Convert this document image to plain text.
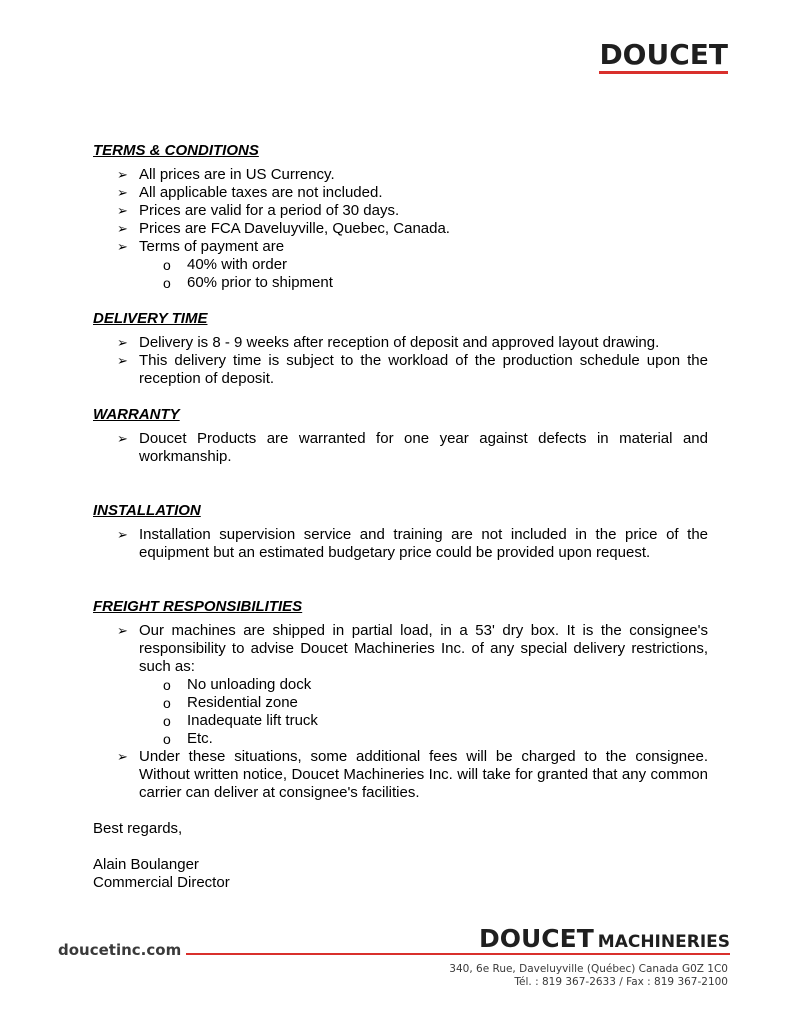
DOUCET
TERMS & CONDITIONS
➢ All prices are in US Currency.
➢ All applicable taxes are not included.
➢ Prices are valid for a period of 30 days.
➢ Prices are FCA Daveluyville, Quebec, Canada.
➢ Terms of payment are
o 40% with order
o 60% prior to shipment
DELIVERY TIME
➢ Delivery is 8 - 9 weeks after reception of deposit and approved layout drawing.
➢ This delivery time is subject to the workload of the production schedule upon the reception of deposit.
WARRANTY
➢ Doucet Products are warranted for one year against defects in material and workmanship.
INSTALLATION
➢ Installation supervision service and training are not included in the price of the equipment but an estimated budgetary price could be provided upon request.
FREIGHT RESPONSIBILITIES
➢ Our machines are shipped in partial load, in a 53' dry box. It is the consignee's responsibility to advise Doucet Machineries Inc. of any special delivery restrictions, such as:
o No unloading dock
o Residential zone
o Inadequate lift truck
o Etc.
➢ Under these situations, some additional fees will be charged to the consignee. Without written notice, Doucet Machineries Inc. will take for granted that any common carrier can deliver at consignee's facilities.

Best regards,

Alain Boulanger

Commercial Director

doucetinc.com	DOUCET MACHINERIES
340, 6e Rue, Daveluyville (Québec) Canada G0Z 1C0
Tél. : 819 367-2633 / Fax : 819 367-2100
